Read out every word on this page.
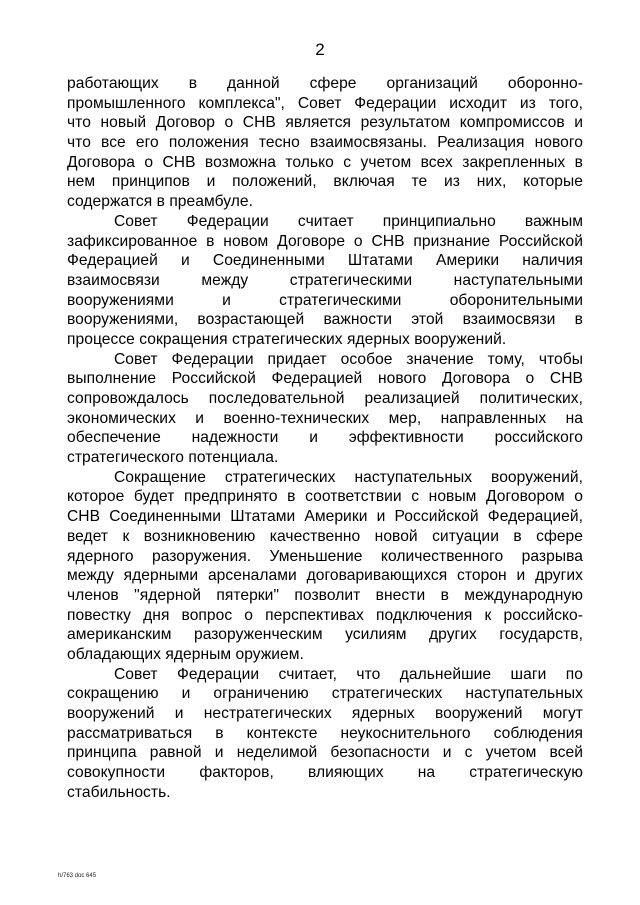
2
работающих в данной сфере организаций оборонно-
промышленного комплекса", Совет Федерации исходит из того,
что новый Договор о СНВ является результатом компромиссов и
что все его положения тесно взаимосвязаны. Реализация нового
Договора о СНВ возможна только с учетом всех закрепленных в
нем принципов и положений, включая те из них, которые
содержатся в преамбуле.
Совет Федерации считает принципиально важным
зафиксированное в новом Договоре о СНВ признание Российской
Федерацией и Соединенными Штатами Америки наличия
взаимосвязи между стратегическими наступательными
вооружениями и стратегическими оборонительными
вооружениями, возрастающей важности этой взаимосвязи в
процессе сокращения стратегических ядерных вооружений.
Совет Федерации придает особое значение тому, чтобы
выполнение Российской Федерацией нового Договора о СНВ
сопровождалось последовательной реализацией политических,
экономических и военно-технических мер, направленных на
обеспечение надежности и эффективности российского
стратегического потенциала.
Сокращение стратегических наступательных вооружений,
которое будет предпринято в соответствии с новым Договором о
СНВ Соединенными Штатами Америки и Российской Федерацией,
ведет к возникновению качественно новой ситуации в сфере
ядерного разоружения. Уменьшение количественного разрыва
между ядерными арсеналами договаривающихся сторон и других
членов "ядерной пятерки" позволит внести в международную
повестку дня вопрос о перспективах подключения к российско-
американским разоруженческим усилиям других государств,
обладающих ядерным оружием.
Совет Федерации считает, что дальнейшие шаги по
сокращению и ограничению стратегических наступательных
вооружений и нестратегических ядерных вооружений могут
рассматриваться в контексте неукоснительного соблюдения
принципа равной и неделимой безопасности и с учетом всей
совокупности факторов, влияющих на стратегическую
стабильность.
h/763 doc 645
